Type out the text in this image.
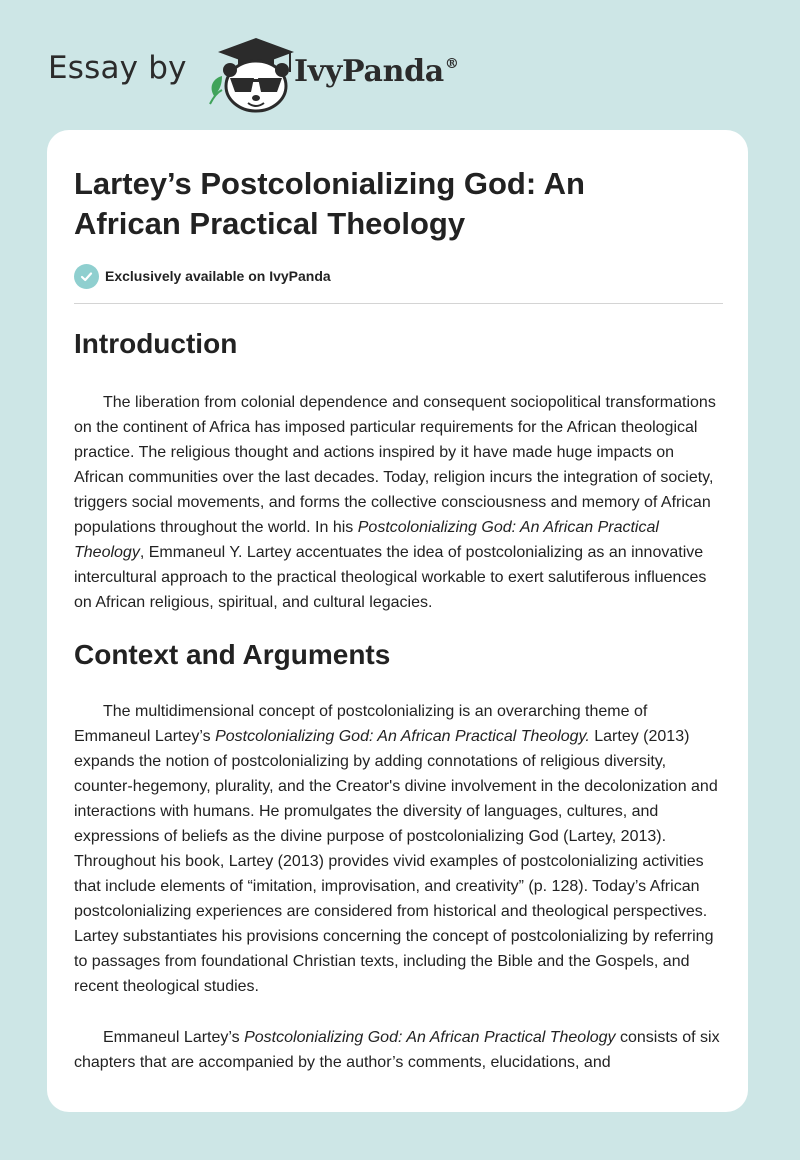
Essay by	IvyPanda®
Lartey’s Postcolonializing God: An African Practical Theology
Exclusively available on IvyPanda
Introduction

The liberation from colonial dependence and consequent sociopolitical transformations on the continent of Africa has imposed particular requirements for the African theological practice. The religious thought and actions inspired by it have made huge impacts on African communities over the last decades. Today, religion incurs the integration of society, triggers social movements, and forms the collective consciousness and memory of African populations throughout the world. In his Postcolonializing God: An African Practical Theology, Emmaneul Y. Lartey accentuates the idea of postcolonializing as an innovative intercultural approach to the practical theological workable to exert salutiferous influences on African religious, spiritual, and cultural legacies.

Context and Arguments

The multidimensional concept of postcolonializing is an overarching theme of Emmaneul Lartey’s Postcolonializing God: An African Practical Theology. Lartey (2013) expands the notion of postcolonializing by adding connotations of religious diversity, counter-hegemony, plurality, and the Creator's divine involvement in the decolonization and interactions with humans. He promulgates the diversity of languages, cultures, and expressions of beliefs as the divine purpose of postcolonializing God (Lartey, 2013). Throughout his book, Lartey (2013) provides vivid examples of postcolonializing activities that include elements of “imitation, improvisation, and creativity” (p. 128). Today’s African postcolonializing experiences are considered from historical and theological perspectives. Lartey substantiates his provisions concerning the concept of postcolonializing by referring to passages from foundational Christian texts, including the Bible and the Gospels, and recent theological studies.

Emmaneul Lartey’s Postcolonializing God: An African Practical Theology consists of six chapters that are accompanied by the author’s comments, elucidations, and
